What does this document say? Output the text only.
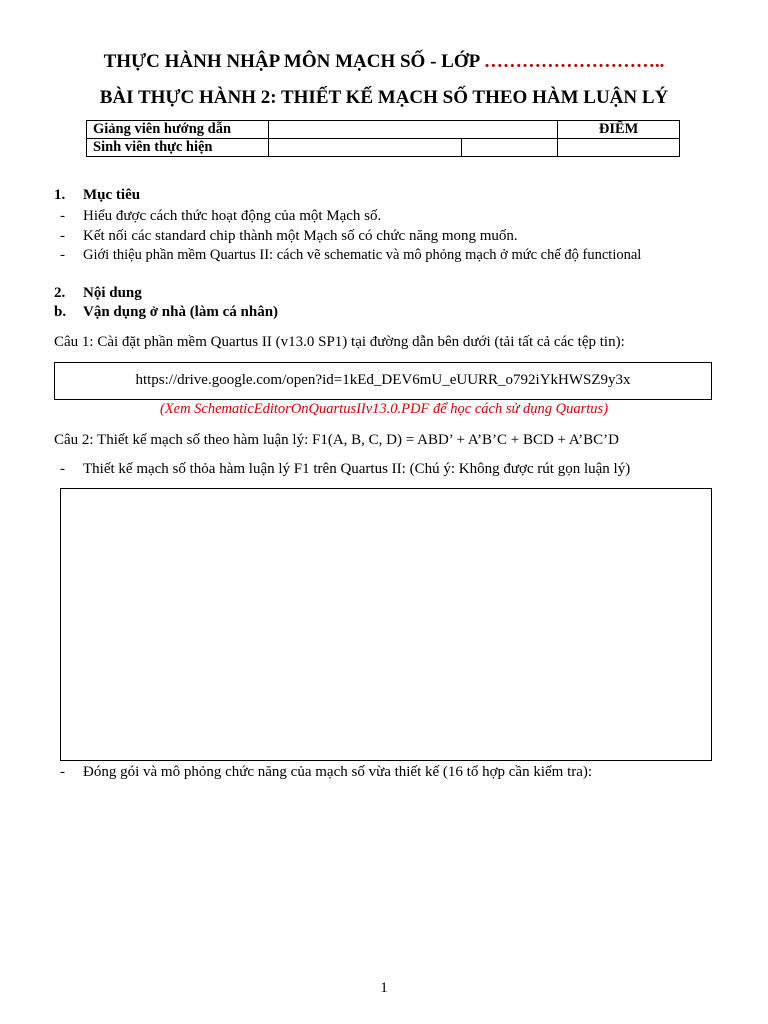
THỰC HÀNH NHẬP MÔN MẠCH SỐ - LỚP ………………………..
BÀI THỰC HÀNH 2: THIẾT KẾ MẠCH SỐ THEO HÀM LUẬN LÝ
Giảng viên hướng dẫn			ĐIỂM
Sinh viên thực hiện			
1. Mục tiêu
- Hiểu được cách thức hoạt động của một Mạch số.
- Kết nối các standard chip thành một Mạch số có chức năng mong muốn.
- Giới thiệu phần mềm Quartus II: cách vẽ schematic và mô phỏng mạch ở mức chế độ functional
2. Nội dung
b. Vận dụng ở nhà (làm cá nhân)
Câu 1: Cài đặt phần mềm Quartus II (v13.0 SP1) tại đường dẫn bên dưới (tải tất cả các tệp tin):
https://drive.google.com/open?id=1kEd_DEV6mU_eUURR_o792iYkHWSZ9y3x
(Xem SchematicEditorOnQuartusIIv13.0.PDF để học cách sử dụng Quartus)
Câu 2: Thiết kế mạch số theo hàm luận lý: F1(A, B, C, D) = ABD’ + A’B’C + BCD + A’BC’D
- Thiết kế mạch số thỏa hàm luận lý F1 trên Quartus II: (Chú ý: Không được rút gọn luận lý)
- Đóng gói và mô phỏng chức năng của mạch số vừa thiết kế (16 tổ hợp cần kiểm tra):
1
